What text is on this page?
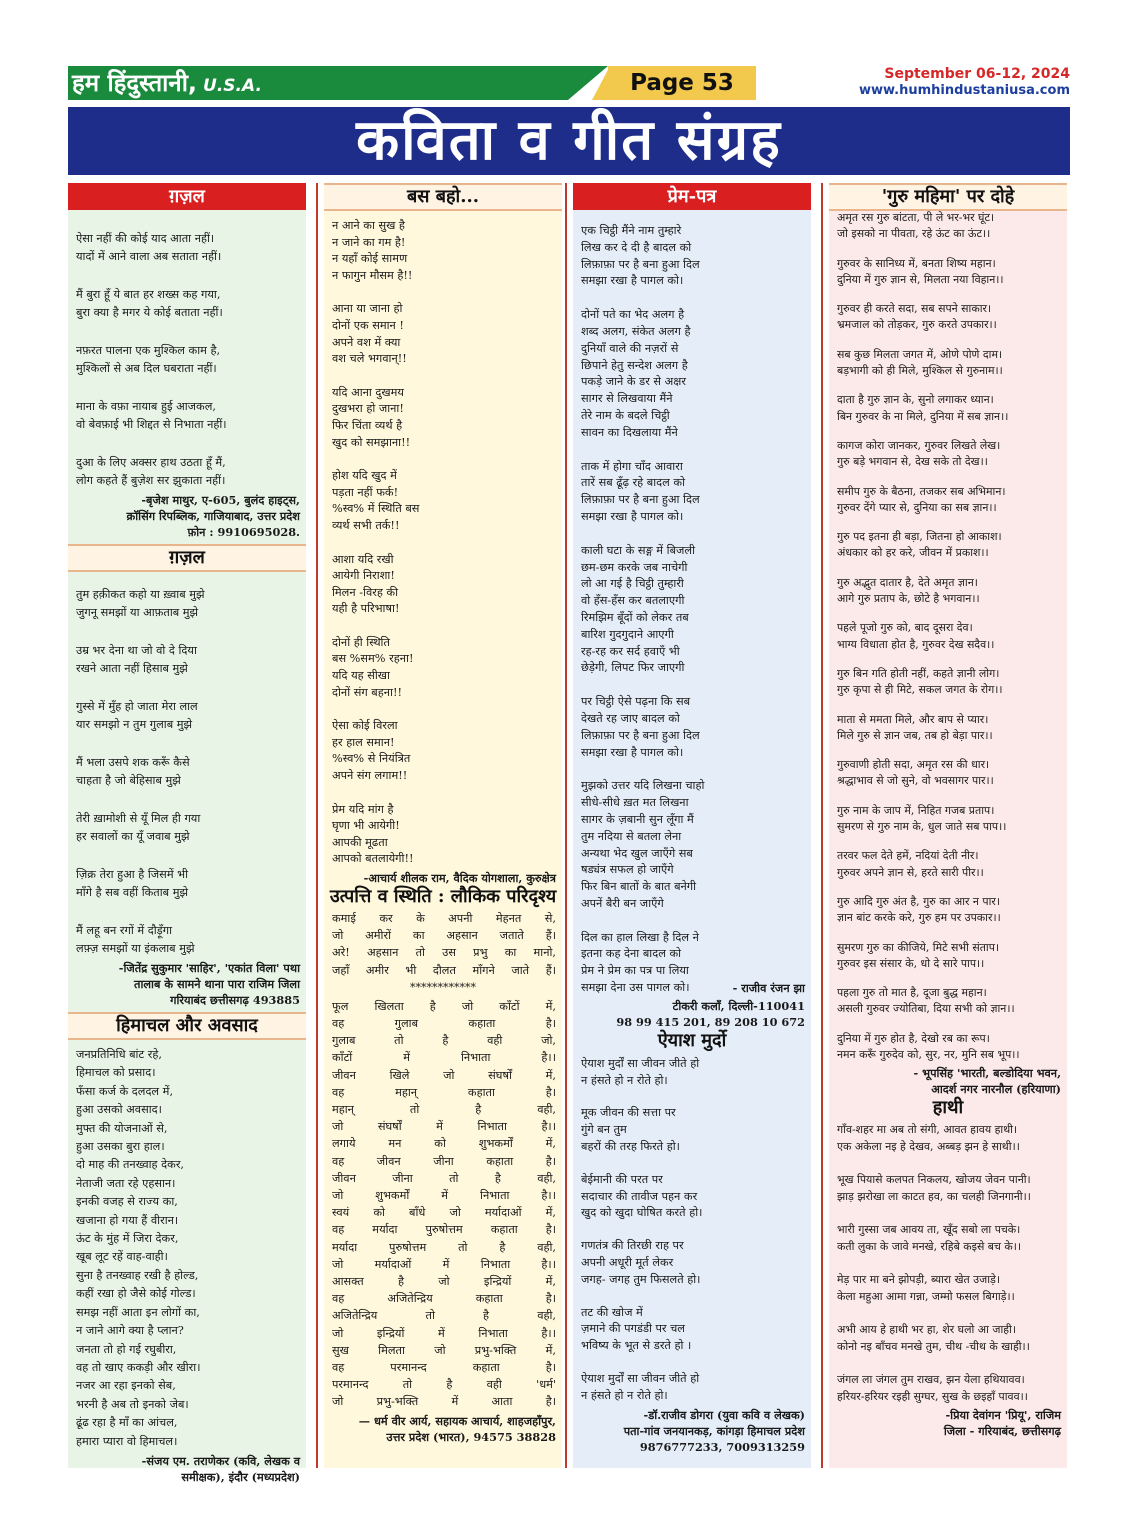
हम हिंदुस्तानी, U.S.A.	Page 53	September 06-12, 2024
www.humhindustaniusa.com
कविता व गीत संग्रह
ग़ज़ल
ऐसा नहीं की कोई याद आता नहीं।
यादों में आने वाला अब सताता नहीं।
मैं बुरा हूँ ये बात हर शख्स कह गया,
बुरा क्या है मगर ये कोई बताता नहीं।
नफ़रत पालना एक मुश्किल काम है,
मुश्किलों से अब दिल घबराता नहीं।
माना के वफ़ा नायाब हुई आजकल,
वो बेवफ़ाई भी शिद्दत से निभाता नहीं।
दुआ के लिए अक्सर हाथ उठता हूँ मैं,
लोग कहते हैं बुज़ेश सर झुकाता नहीं।
-बृजेश माथुर, ए-605, बुलंद हाइट्स,
क्रॉसिंग रिपब्लिक, गाजियाबाद, उत्तर प्रदेश
फ़ोन : 9910695028.
ग़ज़ल
तुम हक़ीकत कहो या ख़्वाब मुझे
जुगनू समझों या आफ़ताब मुझे
उम्र भर देना था जो वो दे दिया
रखने आता नहीं हिसाब मुझे
गुस्से में मुँह हो जाता मेरा लाल
यार समझो न तुम गुलाब मुझे
मैं भला उसपे शक करूँ कैसे
चाहता है जो बेहिसाब मुझे
तेरी ख़ामोशी से यूँ मिल ही गया
हर सवालों का यूँ जवाब मुझे
ज़िक्र तेरा हुआ है जिसमें भी
माँगे है सब वहीं किताब मुझे
मैं लहू बन रगों में दौड़ूँगा
लफ़्ज़ समझों या इंकलाब मुझे
-जितेंद्र सुकुमार 'साहिर', 'एकांत विला' पथा
तालाब के सामने थाना पारा राजिम जिला
गरियाबंद छत्तीसगढ़ 493885
हिमाचल और अवसाद
जनप्रतिनिधि बांट रहे,
हिमाचल को प्रसाद।
फँसा कर्ज के दलदल में,
हुआ उसको अवसाद।
मुफ्त की योजनाओं से,
हुआ उसका बुरा हाल।
दो माह की तनख्वाह देकर,
नेताजी जता रहे एहसान।
इनकी वजह से राज्य का,
खजाना हो गया हैं वीरान।
ऊंट के मुंह में जिरा देकर,
खूब लूट रहें वाह-वाही।
सुना है तनख्वाह रखी है होल्ड,
कहीं रखा हो जैसे कोई गोल्ड।
समझ नहीं आता इन लोगों का,
न जाने आगे क्या है प्लान?
जनता तो हो गई रघुबीरा,
वह तो खाए ककड़ी और खीरा।
नजर आ रहा इनको सेब,
भरनी है अब तो इनको जेब।
ढूंढ रहा है माँ का आंचल,
हमारा प्यारा वो हिमाचल।
-संजय एम. तराणेकर (कवि, लेखक व
समीक्षक), इंदौर (मध्यप्रदेश)
बस बहो...
न आने का सुख है
न जाने का गम है!
न यहाँ कोई सामण
न फागुन मौसम है!!
आना या जाना हो
दोनों एक समान !
अपने वश में क्या
वश चले भगवान्!!
यदि आना दुखमय
दुखभरा हो जाना!
फिर चिंता व्यर्थ है
खुद को समझाना!!
होश यदि खुद में
पड़ता नहीं फर्क!
%स्व% में स्थिति बस
व्यर्थ सभी तर्क!!
आशा यदि रखी
आयेगी निराशा!
मिलन -विरह की
यही है परिभाषा!
दोनों ही स्थिति
बस %सम% रहना!
यदि यह सीखा
दोनों संग बहना!!
ऐसा कोई विरला
हर हाल समान!
%स्व% से नियंत्रित
अपने संग लगाम!!
प्रेम यदि मांग है
घृणा भी आयेगी!
आपकी मूढता
आपको बतलायेगी!!
-आचार्य शीलक राम, वैदिक योगशाला, कुरुक्षेत्र
उत्पत्ति व स्थिति : लौकिक परिदृश्य
कमाई कर के अपनी मेहनत से,
जो अमीरों का अहसान जताते हैं।
अरे! अहसान तो उस प्रभु का मानो,
जहाँ अमीर भी दौलत माँगने जाते हैं।
************
फूल खिलता है जो काँटों में,
वह गुलाब कहाता है।
गुलाब तो है वही जो,
काँटों में निभाता है।।
जीवन खिले जो संघर्षों में,
वह महान् कहाता है।
महान् तो है वही,
जो संघर्षों में निभाता है।।
लगाये मन को शुभकर्मों में,
वह जीवन जीना कहाता है।
जीवन जीना तो है वही,
जो शुभकर्मों में निभाता है।।
स्वयं को बाँधे जो मर्यादाओं में,
वह मर्यादा पुरुषोत्तम कहाता है।
मर्यादा पुरुषोत्तम तो है वही,
जो मर्यादाओं में निभाता है।।
आसक्त है जो इन्द्रियों में,
वह अजितेन्द्रिय कहाता है।
अजितेन्द्रिय तो है वही,
जो इन्द्रियों में निभाता है।।
सुख मिलता जो प्रभु-भक्ति में,
वह परमानन्द कहाता है।
परमानन्द तो है वही 'धर्म'
जो प्रभु-भक्ति में आता है।
— धर्म वीर आर्य, सहायक आचार्य, शाहजहाँपुर,
उत्तर प्रदेश (भारत), 94575 38828
प्रेम-पत्र
एक चिट्ठी मैंने नाम तुम्हारे
लिख कर दे दी है बादल को
लिफ़ाफ़ा पर है बना हुआ दिल
समझा रखा है पागल को।
दोनों पते का भेद अलग है
शब्द अलग, संकेत अलग है
दुनियाँ वाले की नज़रों से
छिपाने हेतु सन्देश अलग है
पकड़े जाने के डर से अक्षर
सागर से लिखवाया मैंने
तेरे नाम के बदले चिट्ठी
सावन का दिखलाया मैंने
ताक में होगा चाँद आवारा
तारें सब ढूँढ़ रहे बादल को
लिफ़ाफ़ा पर है बना हुआ दिल
समझा रखा है पागल को।
काली घटा के सङ्ग में बिजली
छम-छम करके जब नाचेगी
लो आ गई है चिट्ठी तुम्हारी
वो हँस-हँस कर बतलाएगी
रिमझिम बूँदों को लेकर तब
बारिश गुदगुदाने आएगी
रह-रह कर सर्द हवाएँ भी
छेड़ेगी, लिपट फिर जाएगी
पर चिट्ठी ऐसे पढ़ना कि सब
देखते रह जाए बादल को
लिफ़ाफ़ा पर है बना हुआ दिल
समझा रखा है पागल को।
मुझको उत्तर यदि लिखना चाहो
सीधे-सीधे ख़त मत लिखना
सागर के ज़बानी सुन लूँगा मैं
तुम नदिया से बतला लेना
अन्यथा भेद खुल जाएँगे सब
षड्यंत्र सफल हो जाएँगे
फिर बिन बातों के बात बनेगी
अपनें बैरी बन जाएँगे
दिल का हाल लिखा है दिल ने
इतना कह देना बादल को
प्रेम ने प्रेम का पत्र पा लिया
समझा देना उस पागल को।	- राजीव रंजन झा
टीकरी कलाँ, दिल्ली-110041
98 99 415 201, 89 208 10 672
ऐयाश मुर्दो
ऐयाश मुर्दों सा जीवन जीते हो
न हंसते हो न रोते हो।
मूक जीवन की सत्ता पर
गुंगे बन तुम
बहरों की तरह फिरते हो।
बेईमानी की परत पर
सदाचार की तावीज पहन कर
खुद को खुदा घोषित करते हो।
गणतंत्र की तिरछी राह पर
अपनी अधूरी मूर्त लेकर
जगह- जगह तुम फिसलते हो।
तट की खोज में
ज़माने की पगडंडी पर चल
भविष्य के भूत से डरते हो ।
ऐयाश मुर्दों सा जीवन जीते हो
न हंसते हो न रोते हो।
-डॉ.राजीव डोगरा (युवा कवि व लेखक)
पता-गांव जनयानकड़, कांगड़ा हिमाचल प्रदेश
9876777233, 7009313259
'गुरु महिमा' पर दोहे
अमृत रस गुरु बांटता, पी ले भर-भर घूंट।
जो इसको ना पीवता, रहे ऊंट का ऊंट।।
गुरुवर के सानिध्य में, बनता शिष्य महान।
दुनिया में गुरु ज्ञान से, मिलता नया विहान।।
गुरुवर ही करते सदा, सब सपने साकार।
भ्रमजाल को तोड़कर, गुरु करते उपकार।।
सब कुछ मिलता जगत में, ओणे पोणे दाम।
बड़भागी को ही मिले, मुश्किल से गुरुनाम।।
दाता है गुरु ज्ञान के, सुनो लगाकर ध्यान।
बिन गुरुवर के ना मिले, दुनिया में सब ज्ञान।।
कागज कोरा जानकर, गुरुवर लिखते लेख।
गुरु बड़े भगवान से, देख सके तो देख।।
समीप गुरु के बैठना, तजकर सब अभिमान।
गुरुवर देंगे प्यार से, दुनिया का सब ज्ञान।।
गुरु पद इतना ही बड़ा, जितना हो आकाश।
अंधकार को हर करे, जीवन में प्रकाश।।
गुरु अद्भुत दातार है, देते अमृत ज्ञान।
आगे गुरु प्रताप के, छोटे है भगवान।।
पहले पूजो गुरु को, बाद दूसरा देव।
भाग्य विधाता होत है, गुरुवर देख सदैव।।
गुरु बिन गति होती नहीं, कहते ज्ञानी लोग।
गुरु कृपा से ही मिटे, सकल जगत के रोग।।
माता से ममता मिले, और बाप से प्यार।
मिले गुरु से ज्ञान जब, तब हो बेड़ा पार।।
गुरुवाणी होती सदा, अमृत रस की धार।
श्रद्धाभाव से जो सुने, वो भवसागर पार।।
गुरु नाम के जाप में, निहित गजब प्रताप।
सुमरण से गुरु नाम के, धुल जाते सब पाप।।
तरवर फल देते हमें, नदियां देती नीर।
गुरुवर अपने ज्ञान से, हरते सारी पीर।।
गुरु आदि गुरु अंत है, गुरु का आर न पार।
ज्ञान बांट करके करे, गुरु हम पर उपकार।।
सुमरण गुरु का कीजिये, मिटे सभी संताप।
गुरुवर इस संसार के, धो दे सारे पाप।।
पहला गुरु तो मात है, दूजा बुद्ध महान।
असली गुरुवर ज्योतिबा, दिया सभी को ज्ञान।।
दुनिया में गुरु होत है, देखो रब का रूप।
नमन करूँ गुरुदेव को, सुर, नर, मुनि सब भूप।।
- भूपसिंह 'भारती, बल्डोदिया भवन,
आदर्श नगर नारनौल (हरियाणा)
हाथी
गाँव-शहर मा अब तो संगी, आवत हावय हाथी।
एक अकेला नइ हे देखव, अब्बड़ झन हे साथी।।
भूख पियासे कलपत निकलय, खोजय जेवन पानी।
झाड़ झरोखा ला काटत हव, का चलही जिनगानी।।
भारी गुस्सा जब आवय ता, खूँद सबो ला पचके।
कती लुका के जावे मनखे, रहिबे कइसे बच के।।
मेड़ पार मा बने झोपड़ी, ब्यारा खेत उजाड़े।
केला महुआ आमा गन्ना, जम्मो फसल बिगाड़े।।
अभी आय हे हाथी भर हा, शेर घलो आ जाही।
कोनो नइ बाँचव मनखे तुम, चीथ -चीथ के खाही।।
जंगल ला जंगल तुम राखव, झन येला हथियावव।
हरियर-हरियर रइही सुग्घर, सुख के छइहाँ पावव।।
-प्रिया देवांगन 'प्रियू', राजिम
जिला - गरियाबंद, छत्तीसगढ़
